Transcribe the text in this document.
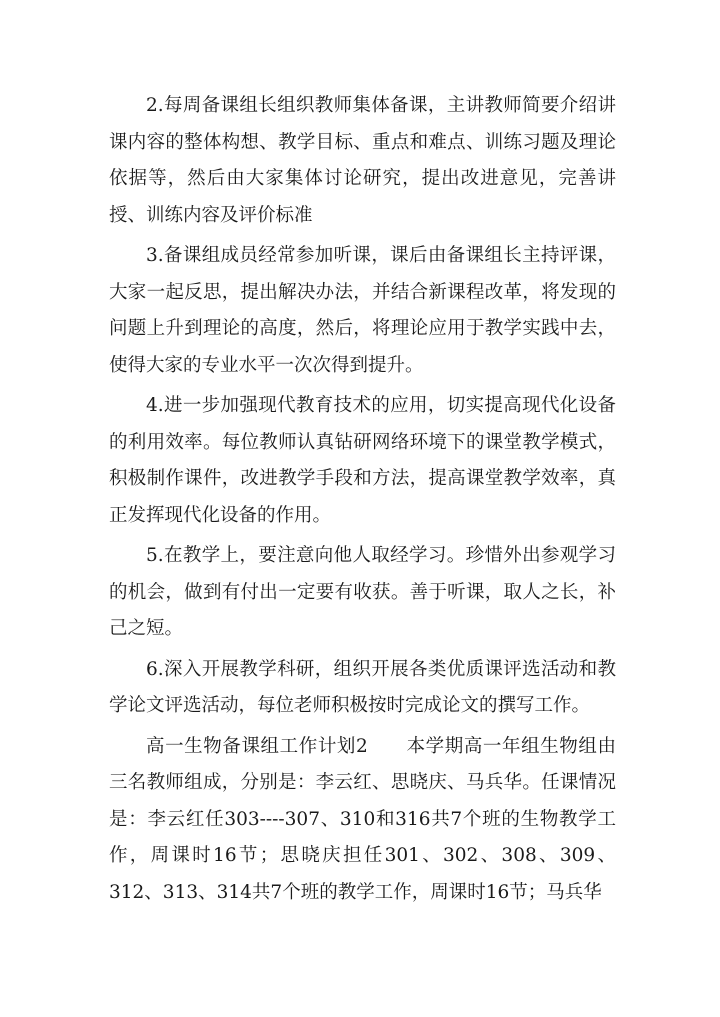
2.每周备课组长组织教师集体备课，主讲教师简要介绍讲课内容的整体构想、教学目标、重点和难点、训练习题及理论依据等，然后由大家集体讨论研究，提出改进意见，完善讲授、训练内容及评价标准

3.备课组成员经常参加听课，课后由备课组长主持评课，大家一起反思，提出解决办法，并结合新课程改革，将发现的问题上升到理论的高度，然后，将理论应用于教学实践中去，使得大家的专业水平一次次得到提升。

4.进一步加强现代教育技术的应用，切实提高现代化设备的利用效率。每位教师认真钻研网络环境下的课堂教学模式，积极制作课件，改进教学手段和方法，提高课堂教学效率，真正发挥现代化设备的作用。

5.在教学上，要注意向他人取经学习。珍惜外出参观学习的机会，做到有付出一定要有收获。善于听课，取人之长，补己之短。

6.深入开展教学科研，组织开展各类优质课评选活动和教学论文评选活动，每位老师积极按时完成论文的撰写工作。

高一生物备课组工作计划2　　本学期高一年组生物组由三名教师组成，分别是：李云红、思晓庆、马兵华。任课情况是：李云红任303----307、310和316共7个班的生物教学工作，周课时16节；思晓庆担任301、302、308、309、312、313、314共7个班的教学工作，周课时16节；马兵华
